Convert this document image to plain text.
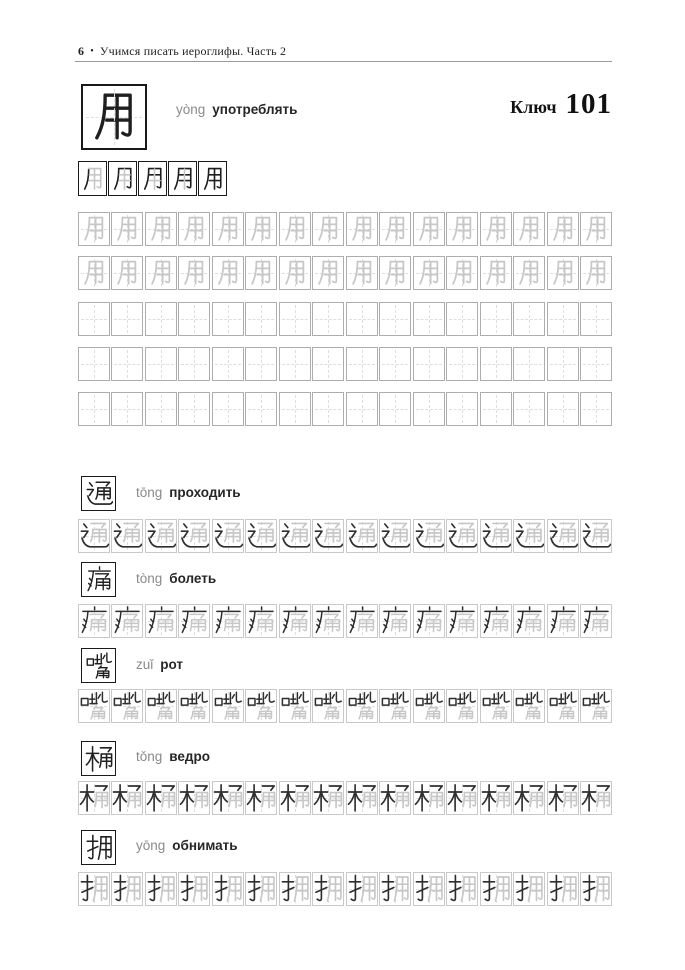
6 • Учимся писать иероглифы. Часть 2
yòng употреблять	Ключ 101
tōng проходить
tòng болеть
zuǐ рот
tǒng ведро
yōng обнимать
